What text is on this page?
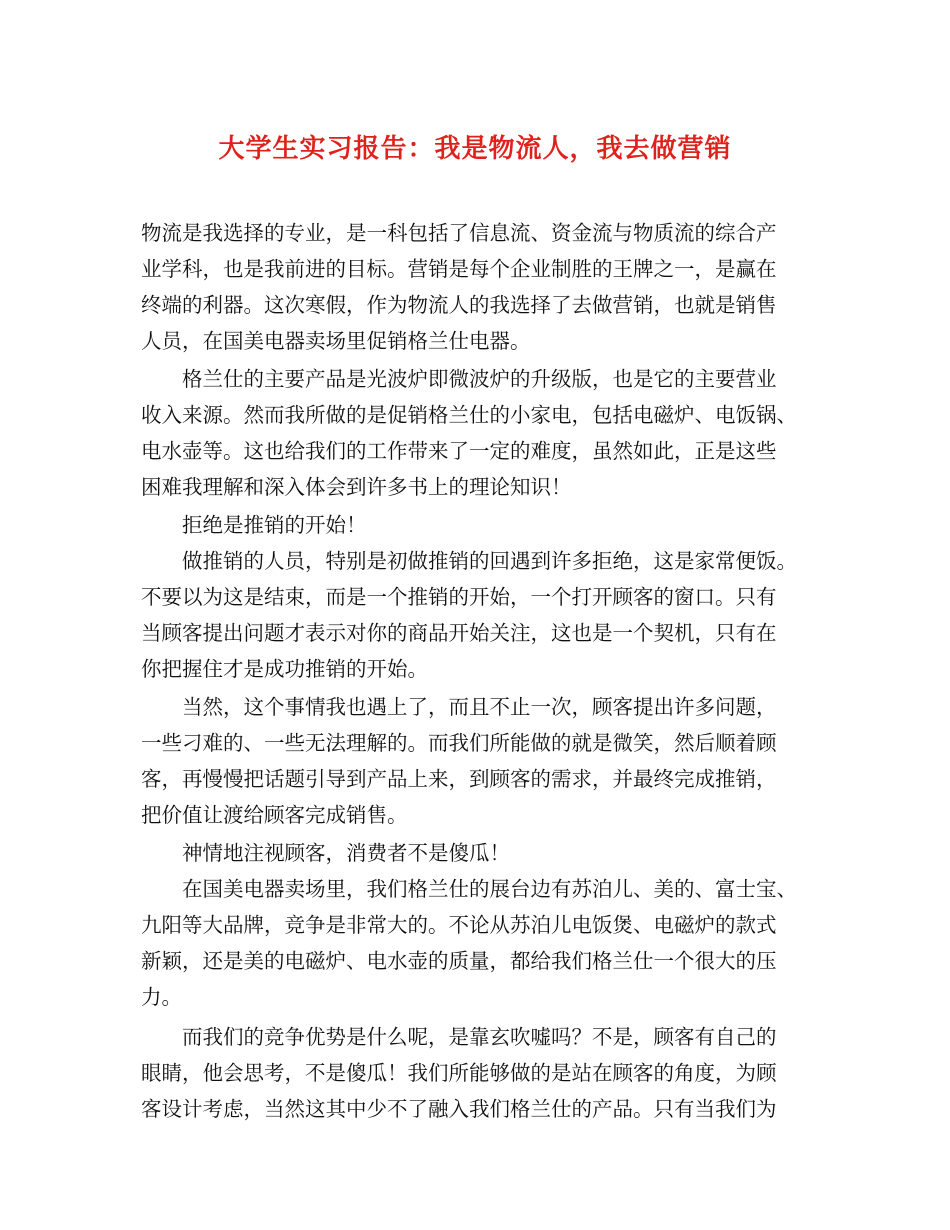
大学生实习报告：我是物流人，我去做营销
物流是我选择的专业，是一科包括了信息流、资金流与物质流的综合产
业学科，也是我前进的目标。营销是每个企业制胜的王牌之一，是赢在
终端的利器。这次寒假，作为物流人的我选择了去做营销，也就是销售
人员，在国美电器卖场里促销格兰仕电器。
格兰仕的主要产品是光波炉即微波炉的升级版，也是它的主要营业
收入来源。然而我所做的是促销格兰仕的小家电，包括电磁炉、电饭锅、
电水壶等。这也给我们的工作带来了一定的难度，虽然如此，正是这些
困难我理解和深入体会到许多书上的理论知识！
拒绝是推销的开始！
做推销的人员，特别是初做推销的回遇到许多拒绝，这是家常便饭。
不要以为这是结束，而是一个推销的开始，一个打开顾客的窗口。只有
当顾客提出问题才表示对你的商品开始关注，这也是一个契机，只有在
你把握住才是成功推销的开始。
当然，这个事情我也遇上了，而且不止一次，顾客提出许多问题，
一些刁难的、一些无法理解的。而我们所能做的就是微笑，然后顺着顾
客，再慢慢把话题引导到产品上来，到顾客的需求，并最终完成推销，
把价值让渡给顾客完成销售。
神情地注视顾客，消费者不是傻瓜！
在国美电器卖场里，我们格兰仕的展台边有苏泊儿、美的、富士宝、
九阳等大品牌，竞争是非常大的。不论从苏泊儿电饭煲、电磁炉的款式
新颖，还是美的电磁炉、电水壶的质量，都给我们格兰仕一个很大的压
力。
而我们的竞争优势是什么呢，是靠玄吹嘘吗？不是，顾客有自己的
眼睛，他会思考，不是傻瓜！我们所能够做的是站在顾客的角度，为顾
客设计考虑，当然这其中少不了融入我们格兰仕的产品。只有当我们为
